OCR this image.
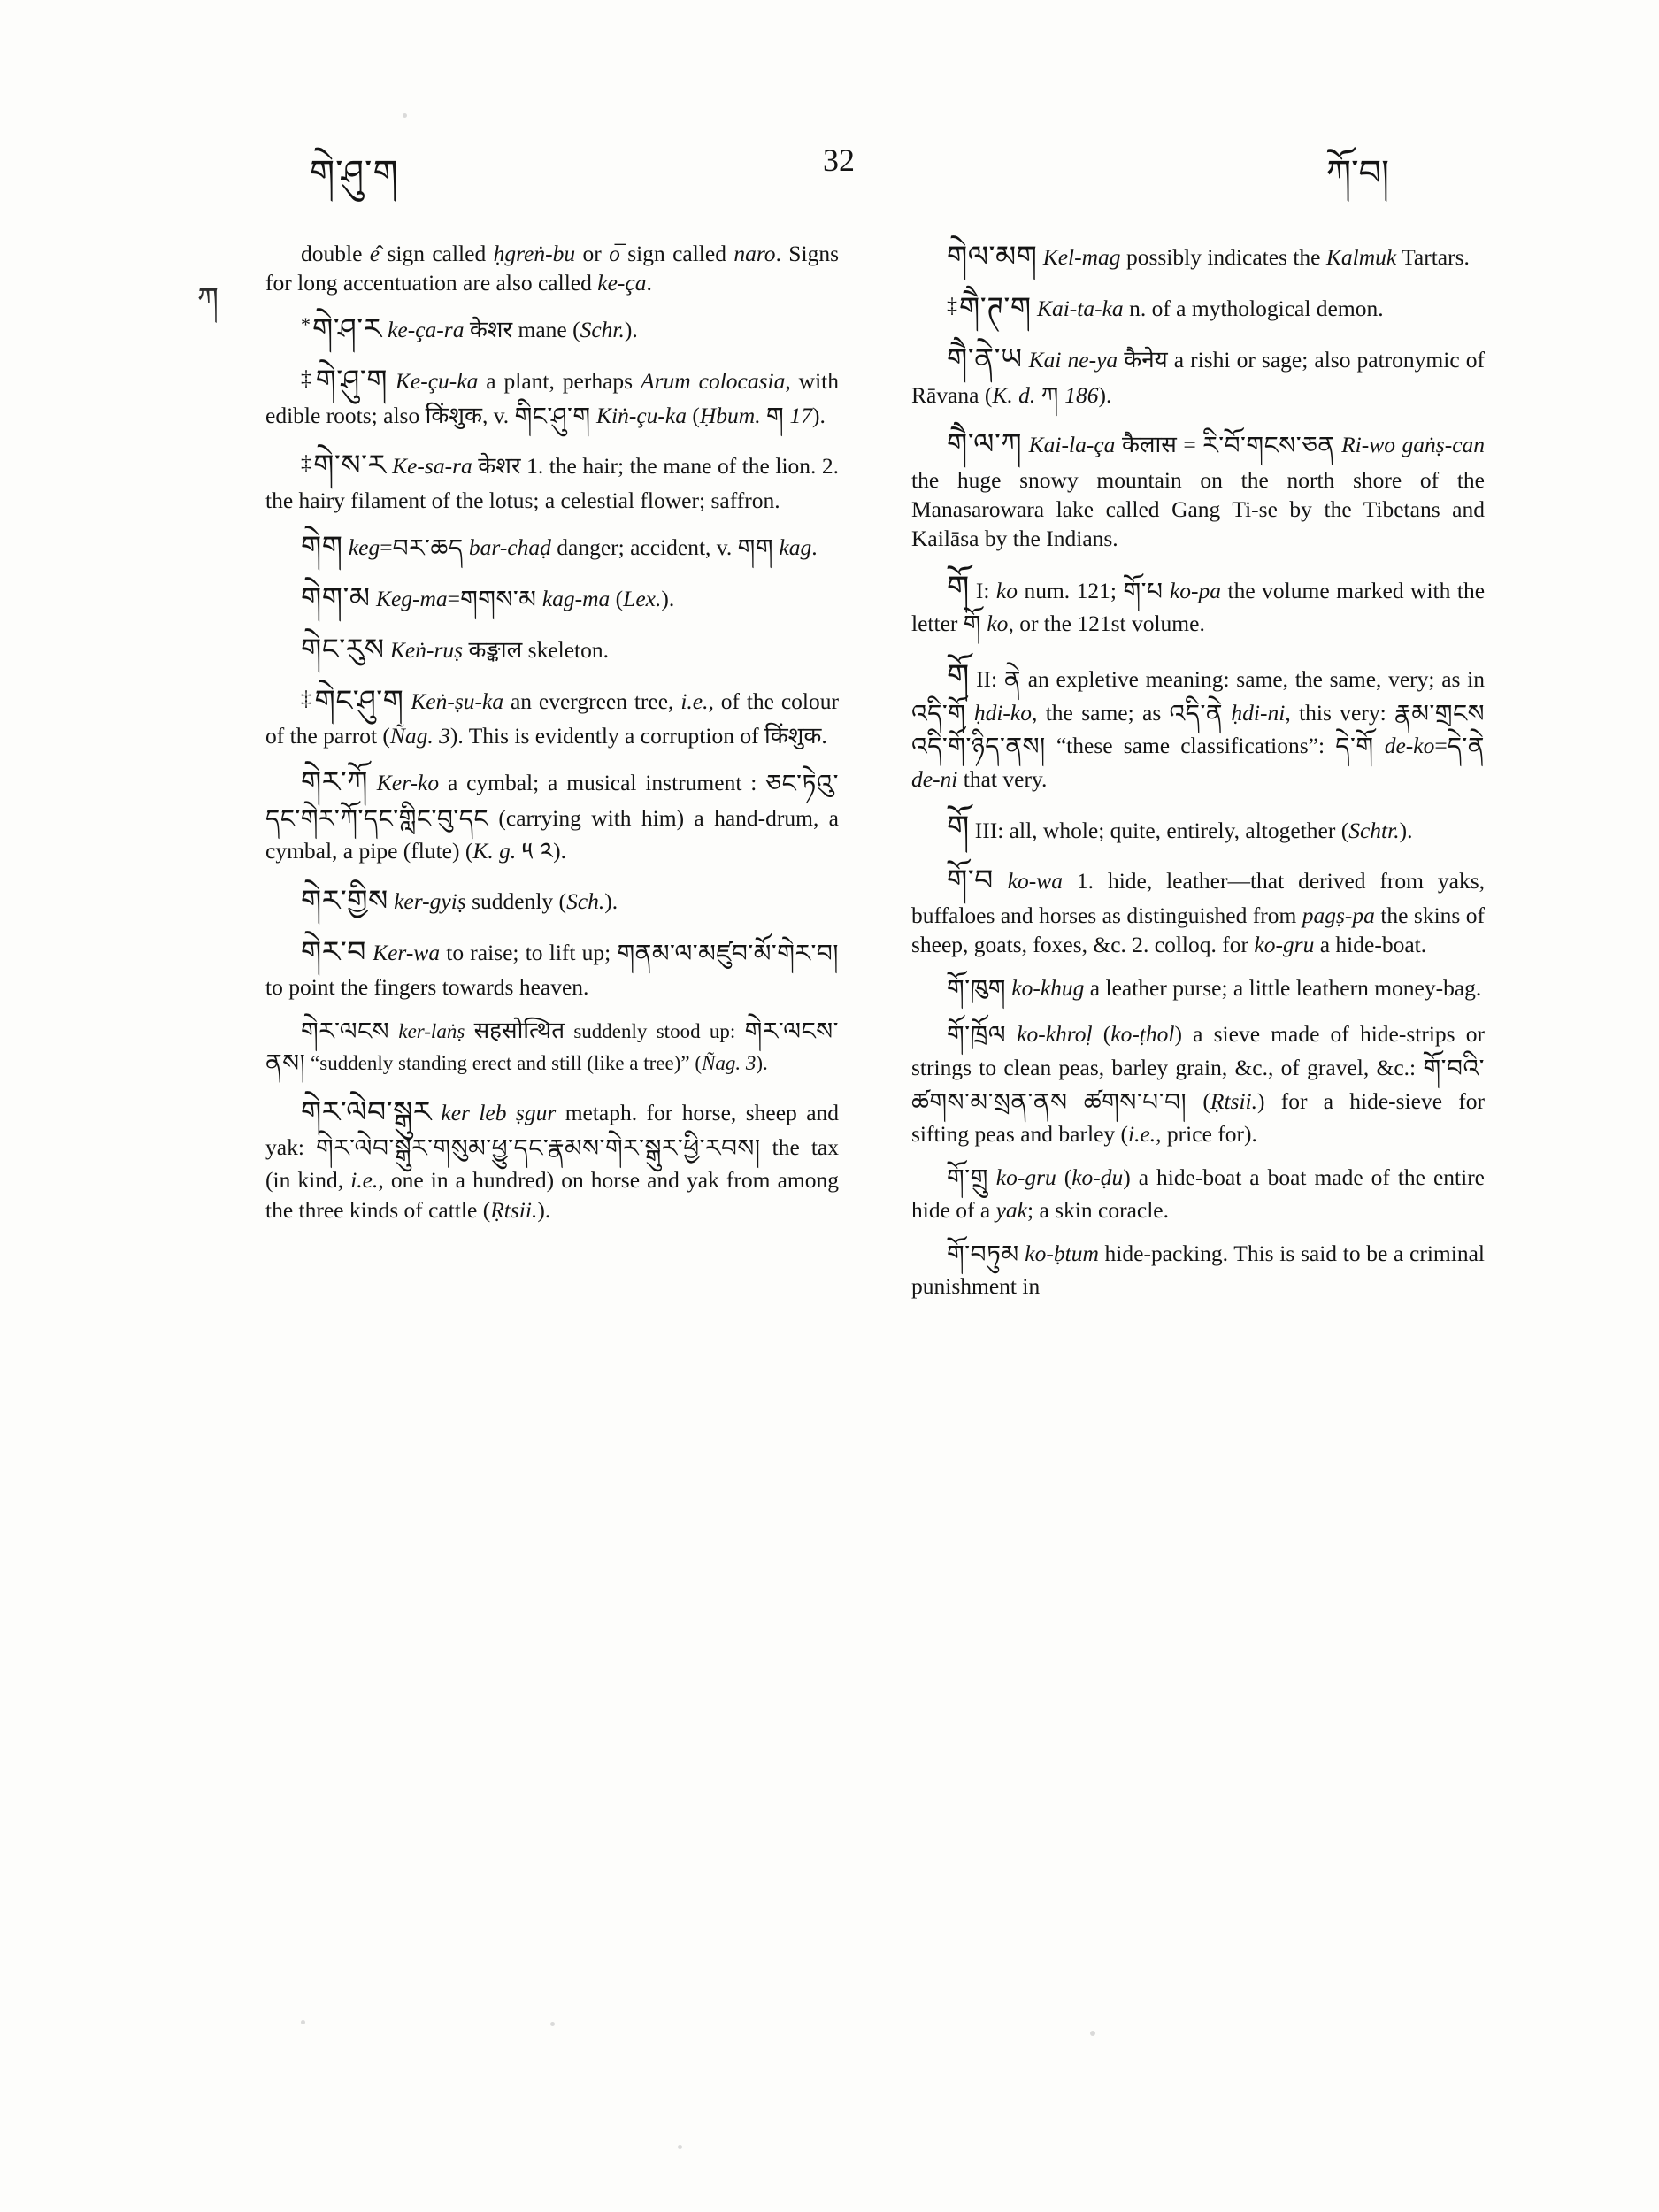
གེ་ཤུ་ག	32	ཀོ་བ།
ཀ

double ê sign called ḥgreṅ-bu or o̅ sign called naro. Signs for long accentuation are also called ke-ça.

*གེ་ཤ་ར ke-ça-ra केशर mane (Schr.).

‡གེ་ཤུ་ག Ke-çu-ka a plant, perhaps Arum colocasia, with edible roots; also किंशुक, v. གིང་ཤུ་ག Kiṅ-çu-ka (Ḥbum. ག 17).

‡གེ་ས་ར Ke-sa-ra केशर 1. the hair; the mane of the lion. 2. the hairy filament of the lotus; a celestial flower; saffron.

གེག keg=བར་ཆད bar-chaḍ danger; accident, v. གག kag.

གེག་མ Keg-ma=གགས་མ kag-ma (Lex.).

གེང་རུས Keṅ-ruṣ कङ्काल skeleton.

‡གེང་ཤུ་ག Keṅ-ṣu-ka an evergreen tree, i.e., of the colour of the parrot (Ñag. 3). This is evidently a corruption of किंशुक.

གེར་ཀོ Ker-ko a cymbal; a musical instrument : ཅང་ཏེའུ་དང་གེར་ཀོ་དང་གླིང་བུ་དང (carrying with him) a hand-drum, a cymbal, a pipe (flute) (K. g. ༥ ༢).

གེར་གྱིས ker-gyiṣ suddenly (Sch.).

གེར་བ Ker-wa to raise; to lift up; གནམ་ལ་མཛུབ་མོ་གེར་བ། to point the fingers towards heaven.

གེར་ལངས ker-laṅṣ सहसोत्थित suddenly stood up: གེར་ལངས་ནས། “suddenly standing erect and still (like a tree)” (Ñag. 3).

གེར་ལེབ་སྒུར ker leb ṣgur metaph. for horse, sheep and yak: གེར་ལེབ་སྒུར་གསུམ་ཕྱུ་དང་རྣམས་གེར་སྒུར་ཕྱི་རབས། the tax (in kind, i.e., one in a hundred) on horse and yak from among the three kinds of cattle (Ṛtsii.).

གེལ་མག Kel-mag possibly indicates the Kalmuk Tartars.

‡གཻ་ཊ་ག Kai-ta-ka n. of a mythological demon.

གཻ་ནེ་ཡ Kai ne-ya कैनेय a rishi or sage; also patronymic of Rāvana (K. d. ཀ 186).

གཻ་ལ་ཀ Kai-la-ça कैलास = རི་བོ་གངས་ཅན Ri-wo gaṅṣ-can the huge snowy mountain on the north shore of the Manasarowara lake called Gang Ti-se by the Tibetans and Kailāsa by the Indians.

གོ I: ko num. 121; གོ་པ ko-pa the volume marked with the letter གོ ko, or the 121st volume.

གོ II: ནེ an expletive meaning: same, the same, very; as in འདི་གོ ḥdi-ko, the same; as འདི་ནེ ḥdi-ni, this very: རྣམ་གྲངས འདི་གོ་ཉིད་ནས། “these same classifications”: དེ་གོ de-ko=དེ་ནེ de-ni that very.

གོ III: all, whole; quite, entirely, altogether (Schtr.).

གོ་བ ko-wa 1. hide, leather—that derived from yaks, buffaloes and horses as distinguished from pagṣ-pa the skins of sheep, goats, foxes, &c. 2. colloq. for ko-gru a hide-boat.

གོ་ཁུག ko-khug a leather purse; a little leathern money-bag.

གོ་ཁྲོལ ko-khroḷ (ko-ṭhol) a sieve made of hide-strips or strings to clean peas, barley grain, &c., of gravel, &c.: གོ་བའི་ཚགས་མ་སྲན་ནས ཚགས་པ་བ། (Ṛtsii.) for a hide-sieve for sifting peas and barley (i.e., price for).

གོ་གྲུ ko-gru (ko-ḍu) a hide-boat a boat made of the entire hide of a yak; a skin coracle.

གོ་བཏུམ ko-ḅtum hide-packing. This is said to be a criminal punishment in
